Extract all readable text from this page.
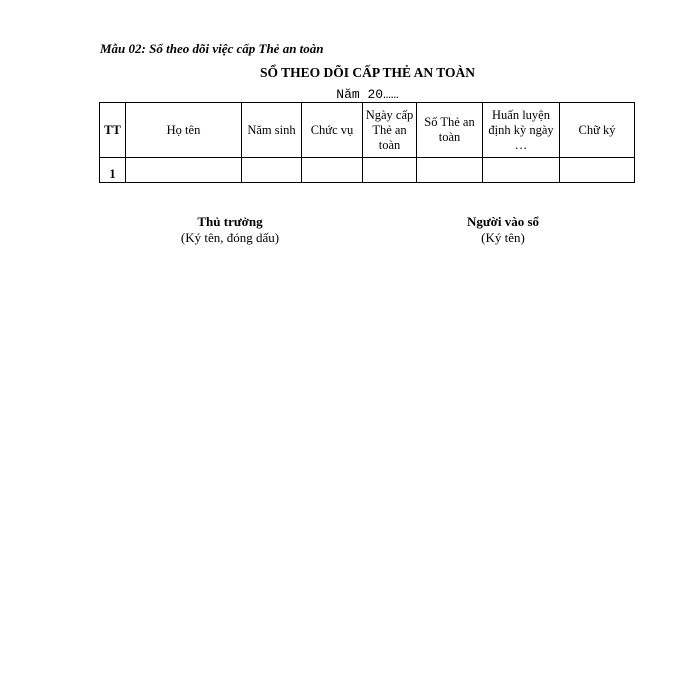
Mẫu 02: Sổ theo dõi việc cấp Thẻ an toàn
SỔ THEO DÕI CẤP THẺ AN TOÀN
Năm 20……
TT	Họ tên	Năm sinh	Chức vụ	Ngày cấp Thẻ an toàn	Số Thẻ an toàn	Huấn luyện định kỳ ngày …	Chữ ký
1							
Thủ trưởng
(Ký tên, đóng dấu)
Người vào sổ
(Ký tên)
